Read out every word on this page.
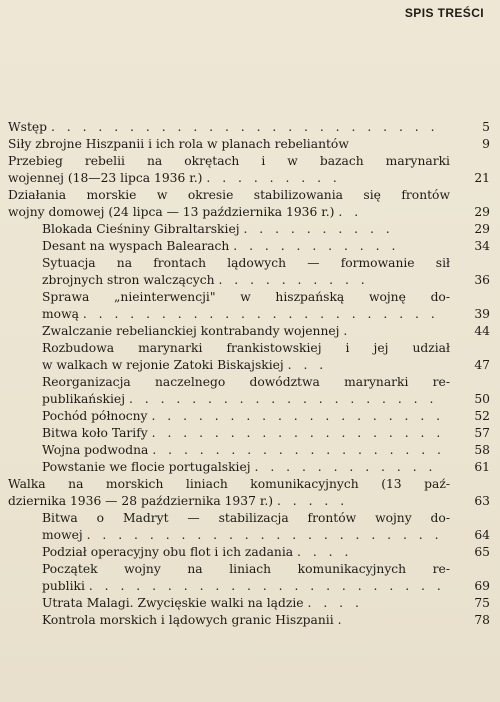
SPIS TREŚCI
Wstęp . . . . . . . . . . . . . . . . . . . . . . . . .	5
Siły zbrojne Hiszpanii i ich rola w planach rebeliantów	9
Przebieg rebelii na okrętach i w bazach marynarki
wojennej (18—23 lipca 1936 r.) . . . . . . . . .	21
Działania morskie w okresie stabilizowania się frontów
wojny domowej (24 lipca — 13 października 1936 r.) . .	29
Blokada Cieśniny Gibraltarskiej . . . . . . . . . .	29
Desant na wyspach Balearach . . . . . . . . . . .	34
Sytuacja na frontach lądowych — formowanie sił
zbrojnych stron walczących . . . . . . . . . .	36
Sprawa „nieinterwencji" w hiszpańską wojnę do-
mową . . . . . . . . . . . . . . . . . . . . . . .	39
Zwalczanie rebelianckiej kontrabandy wojennej .	44
Rozbudowa marynarki frankistowskiej i jej udział
w walkach w rejonie Zatoki Biskajskiej . . .	47
Reorganizacja naczelnego dowództwa marynarki re-
publikańskiej . . . . . . . . . . . . . . . . . . . .	50
Pochód północny . . . . . . . . . . . . . . . . . . .	52
Bitwa koło Tarify . . . . . . . . . . . . . . . . . . .	57
Wojna podwodna . . . . . . . . . . . . . . . . . . .	58
Powstanie we flocie portugalskiej . . . . . . . . . . . .	61
Walka na morskich liniach komunikacyjnych (13 paź-
dziernika 1936 — 28 października 1937 r.) . . . . .	63
Bitwa o Madryt — stabilizacja frontów wojny do-
mowej . . . . . . . . . . . . . . . . . . . . . . .	64
Podział operacyjny obu flot i ich zadania . . . .	65
Początek wojny na liniach komunikacyjnych re-
publiki . . . . . . . . . . . . . . . . . . . . . . .	69
Utrata Malagi. Zwycięskie walki na lądzie . . . .	75
Kontrola morskich i lądowych granic Hiszpanii .	78
